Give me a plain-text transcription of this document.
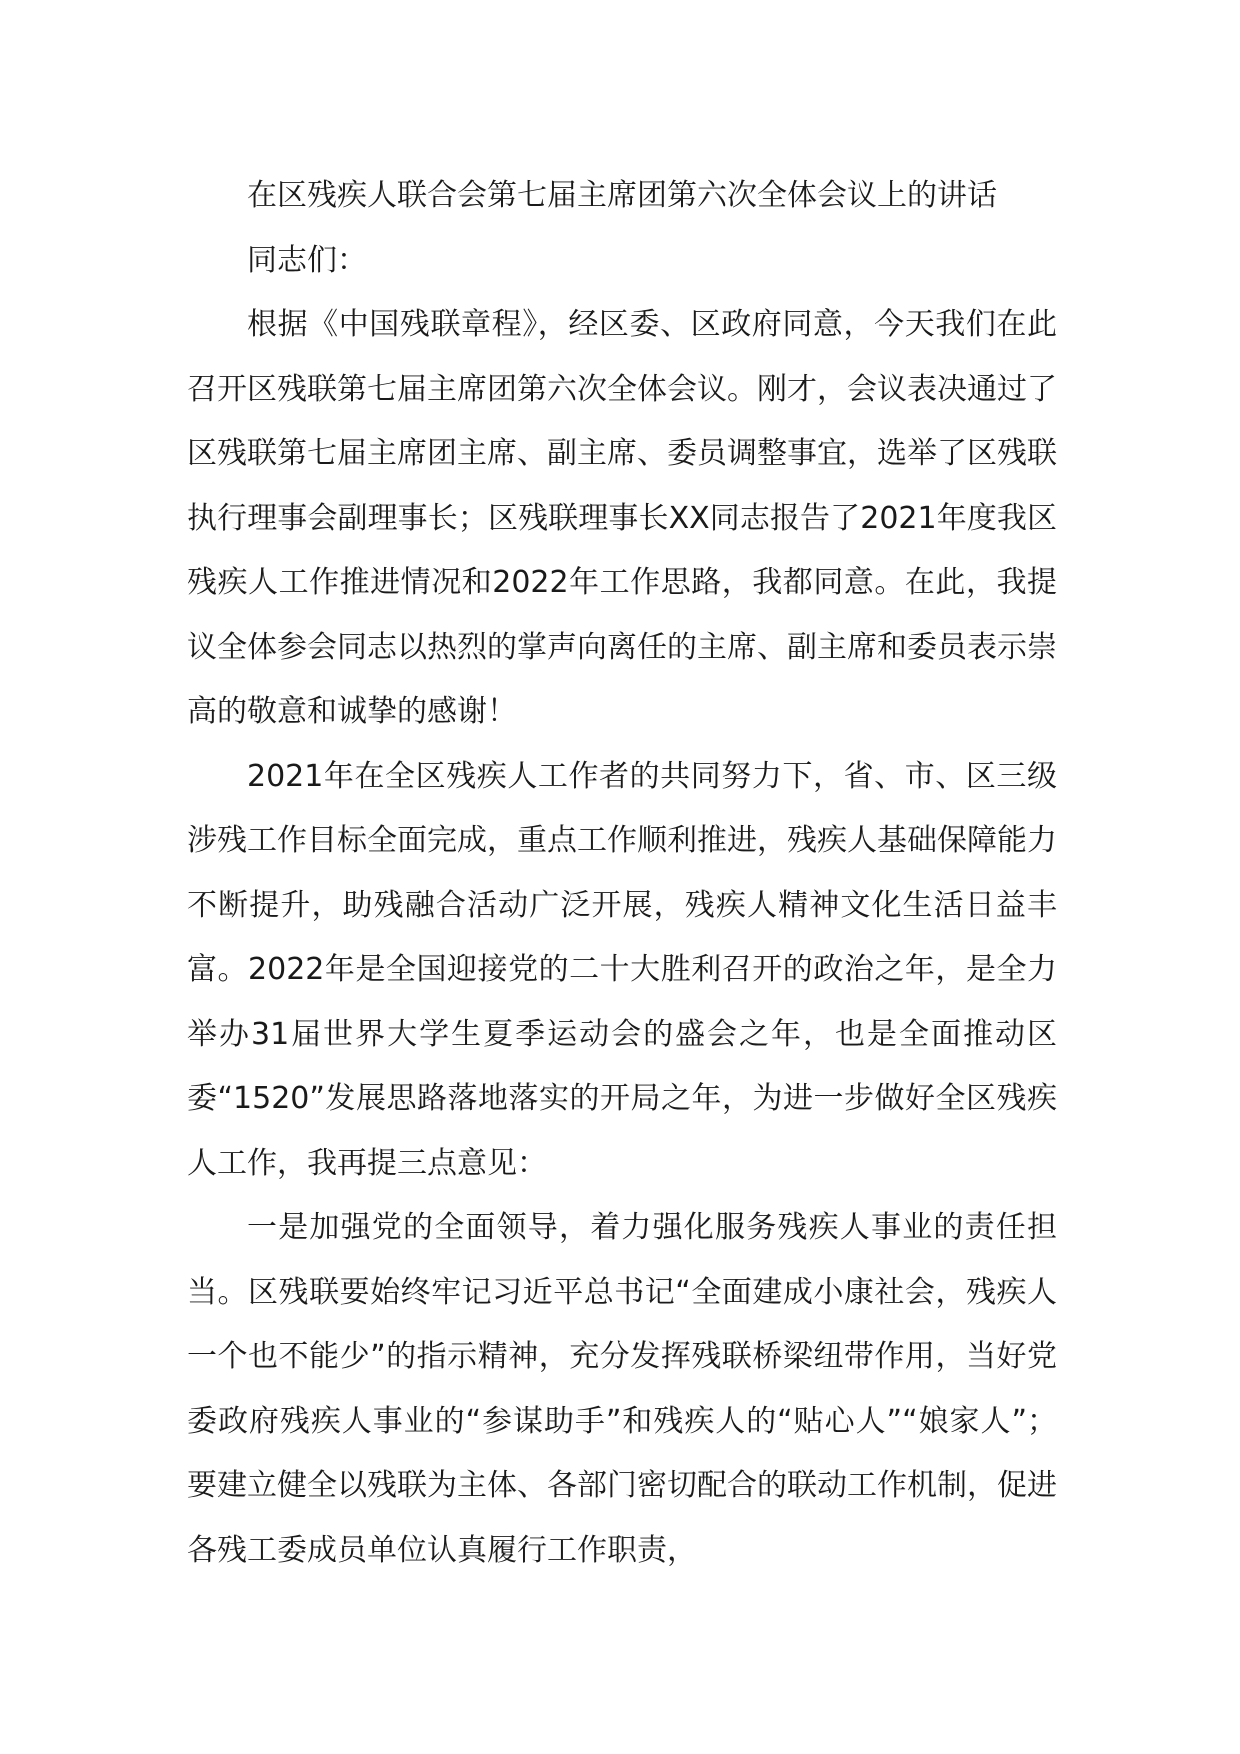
在区残疾人联合会第七届主席团第六次全体会议上的讲话

同志们：

根据《中国残联章程》，经区委、区政府同意，今天我们在此召开区残联第七届主席团第六次全体会议。刚才，会议表决通过了区残联第七届主席团主席、副主席、委员调整事宜，选举了区残联执行理事会副理事长；区残联理事长XX同志报告了2021年度我区残疾人工作推进情况和2022年工作思路，我都同意。在此，我提议全体参会同志以热烈的掌声向离任的主席、副主席和委员表示崇高的敬意和诚挚的感谢！

2021年在全区残疾人工作者的共同努力下，省、市、区三级涉残工作目标全面完成，重点工作顺利推进，残疾人基础保障能力不断提升，助残融合活动广泛开展，残疾人精神文化生活日益丰富。2022年是全国迎接党的二十大胜利召开的政治之年，是全力举办31届世界大学生夏季运动会的盛会之年，也是全面推动区委“1520”发展思路落地落实的开局之年，为进一步做好全区残疾人工作，我再提三点意见：

一是加强党的全面领导，着力强化服务残疾人事业的责任担当。区残联要始终牢记习近平总书记“全面建成小康社会，残疾人一个也不能少”的指示精神，充分发挥残联桥梁纽带作用，当好党委政府残疾人事业的“参谋助手”和残疾人的“贴心人”“娘家人”；要建立健全以残联为主体、各部门密切配合的联动工作机制，促进各残工委成员单位认真履行工作职责，
